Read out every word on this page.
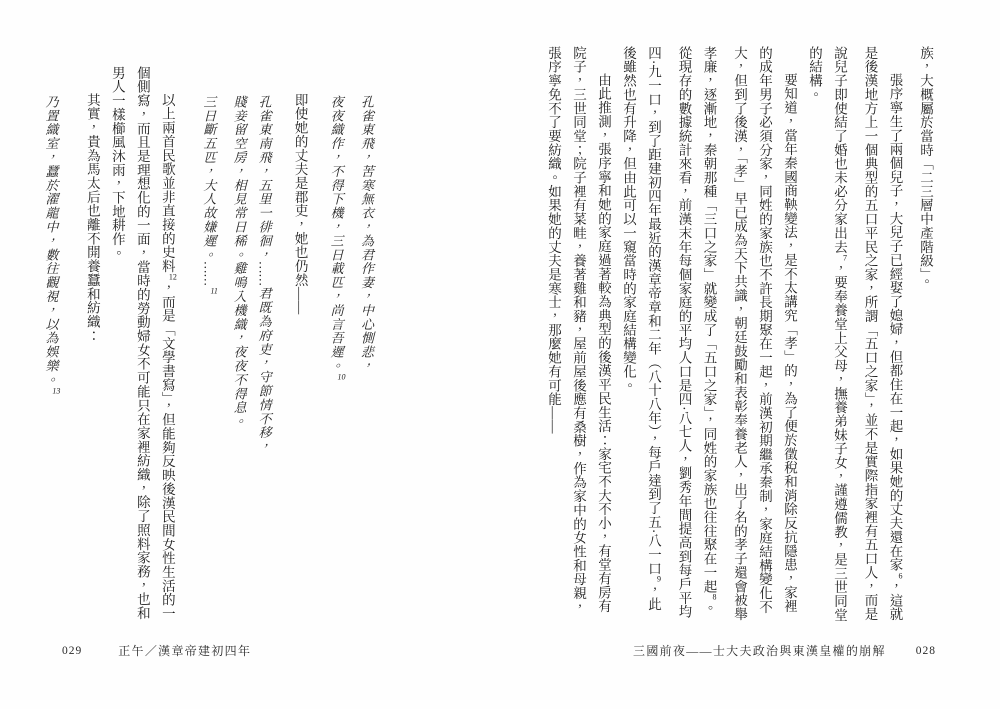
孔雀東飛，苦寒無衣，為君作妻，中心惻悲，
夜夜織作，不得下機，三日載匹，尚言吾遲。$^{10}$

即使她的丈夫是郡吏，她也仍然——

孔雀東南飛，五里一徘徊，……君既為府吏，守節情不移，
賤妾留空房，相見常日稀。雞鳴入機織，夜夜不得息。
三日斷五匹，大人故嫌遲。……$^{11}$

以上兩首民歌並非直接的史料$^{12}$，而是「文學書寫」，但能夠反映後漢民間女性生活的一個側寫，而且是理想化的一面，當時的勞動婦女不可能只在家裡紡織，除了照料家務，也和男人一樣櫛風沐雨，下地耕作。

其實，貴為馬太后也離不開養蠶和紡織：

乃置織室，蠶於濯龍中，數往觀視，以為娛樂。$^{13}$
029	正午／漢章帝建初四年

族，大概屬於當時「二三層中產階級」。

張序寧生了兩個兒子，大兒子已經娶了媳婦，但都住在一起，如果她的丈夫還在家$^6$，這就是後漢地方上一個典型的五口平民之家，所謂「五口之家」，並不是實際指家裡有五口人，而是說兒子即使結了婚也未必分家出去$^7$，要奉養堂上父母，撫養弟妹子女，謹遵儒教，是三世同堂的結構。

要知道，當年秦國商鞅變法，是不太講究「孝」的，為了便於徵稅和消除反抗隱患，家裡的成年男子必須分家，同姓的家族也不許長期聚在一起，前漢初期繼承秦制，家庭結構變化不大，但到了後漢，「孝」早已成為天下共識，朝廷鼓勵和表彰奉養老人，出了名的孝子還會被舉孝廉，逐漸地，秦朝那種「三口之家」就變成了「五口之家」，同姓的家族也往往聚在一起$^8$。從現存的數據統計來看，前漢末年每個家庭的平均人口是四·八七人，劉秀年間提高到每戶平均四·九一口，到了距建初四年最近的漢章帝章和二年（八十八年），每戶達到了五·八一口$^9$，此後雖然也有升降，但由此可以一窺當時的家庭結構變化。

由此推測，張序寧和她的家庭過著較為典型的後漢平民生活：家宅不大不小，有堂有房有院子，三世同堂；院子裡有菜畦，養著雞和豬，屋前屋後應有桑樹，作為家中的女性和母親，張序寧免不了要紡織。如果她的丈夫是寒士，那麼她有可能——

三國前夜——士大夫政治與東漢皇權的崩解	028
